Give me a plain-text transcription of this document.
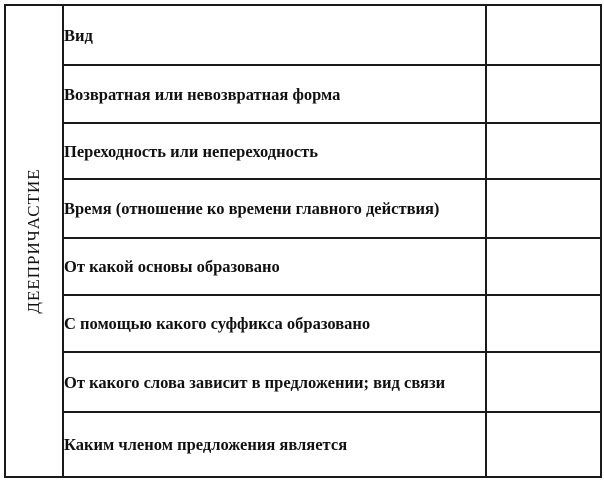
ДЕЕПРИЧАСТИЕ	Вид	
	Возвратная или невозвратная форма	
	Переходность или непереходность	
	Время (отношение ко времени главного действия)	
	От какой основы образовано	
	С помощью какого суффикса образовано	
	От какого слова зависит в предложении; вид связи	
	Каким членом предложения является	
